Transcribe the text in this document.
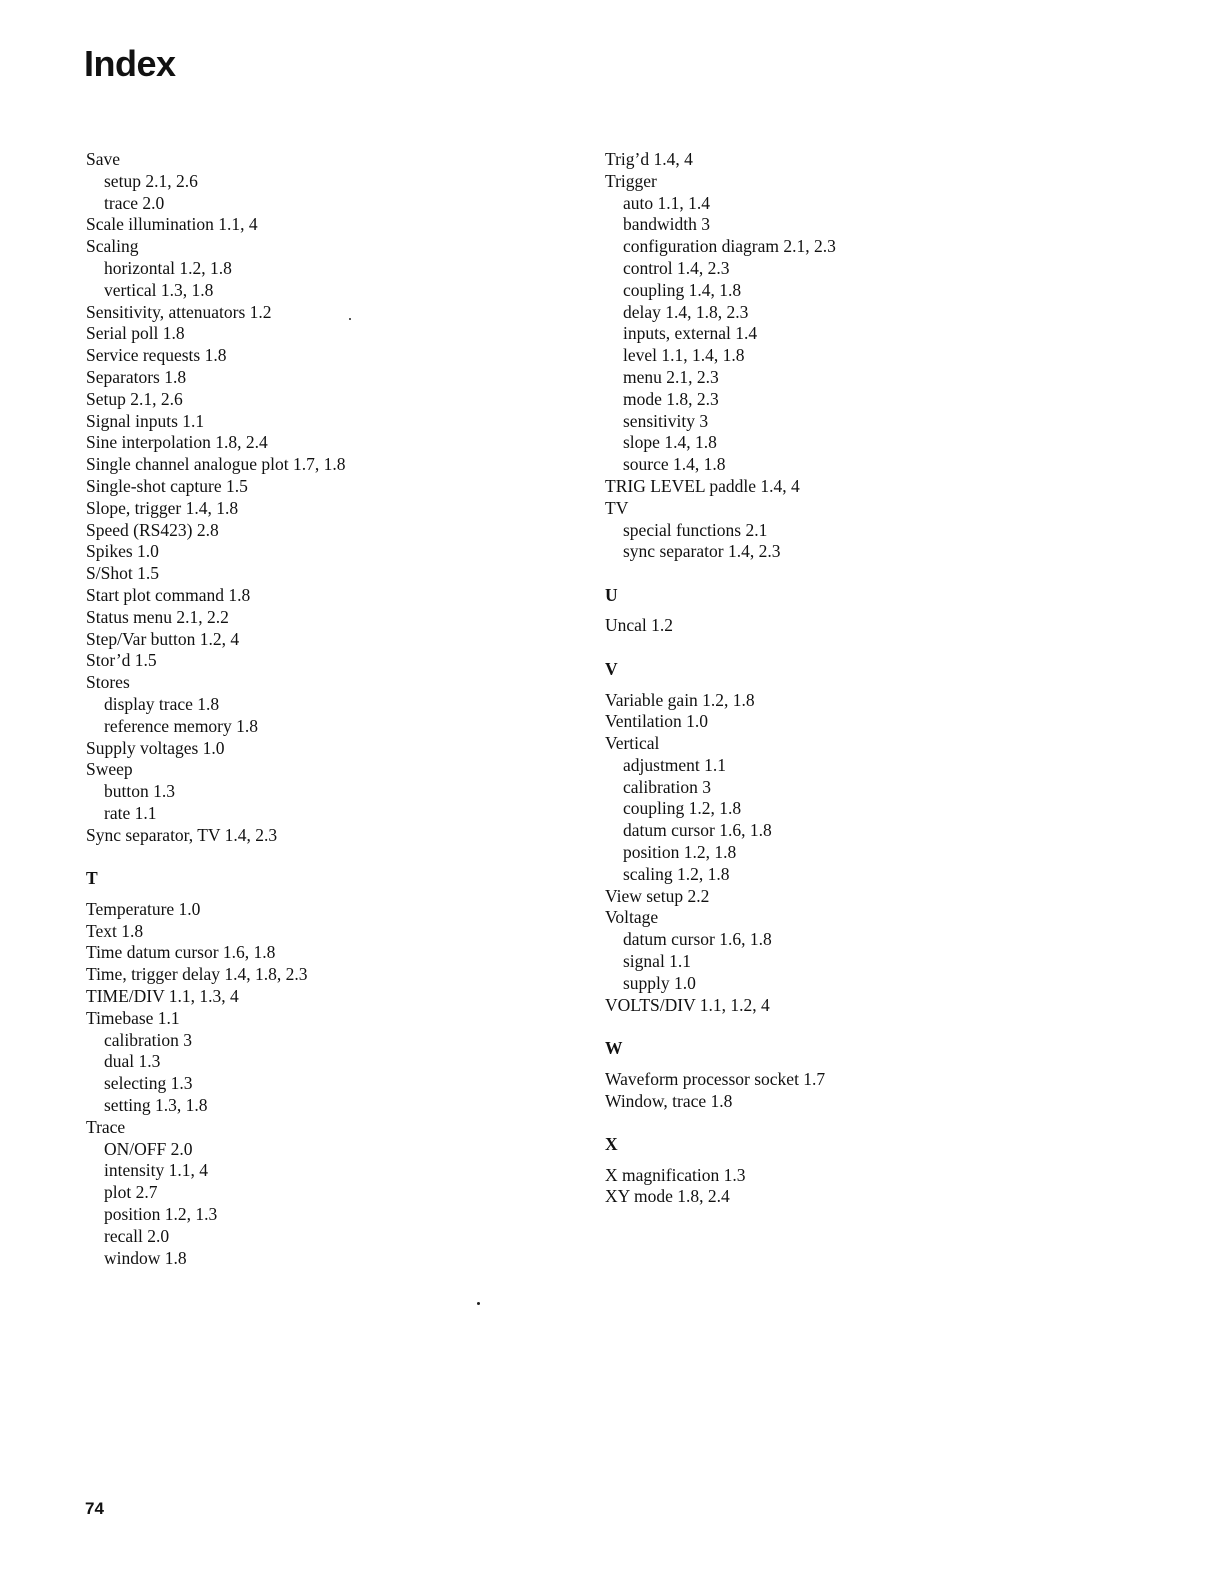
Index
Save
setup 2.1, 2.6
trace 2.0
Scale illumination 1.1, 4
Scaling
horizontal 1.2, 1.8
vertical 1.3, 1.8
Sensitivity, attenuators 1.2
Serial poll 1.8
Service requests 1.8
Separators 1.8
Setup 2.1, 2.6
Signal inputs 1.1
Sine interpolation 1.8, 2.4
Single channel analogue plot 1.7, 1.8
Single-shot capture 1.5
Slope, trigger 1.4, 1.8
Speed (RS423) 2.8
Spikes 1.0
S/Shot 1.5
Start plot command 1.8
Status menu 2.1, 2.2
Step/Var button 1.2, 4
Stor’d 1.5
Stores
display trace 1.8
reference memory 1.8
Supply voltages 1.0
Sweep
button 1.3
rate 1.1
Sync separator, TV 1.4, 2.3
T
Temperature 1.0
Text 1.8
Time datum cursor 1.6, 1.8
Time, trigger delay 1.4, 1.8, 2.3
TIME/DIV 1.1, 1.3, 4
Timebase 1.1
calibration 3
dual 1.3
selecting 1.3
setting 1.3, 1.8
Trace
ON/OFF 2.0
intensity 1.1, 4
plot 2.7
position 1.2, 1.3
recall 2.0
window 1.8
Trig’d 1.4, 4
Trigger
auto 1.1, 1.4
bandwidth 3
configuration diagram 2.1, 2.3
control 1.4, 2.3
coupling 1.4, 1.8
delay 1.4, 1.8, 2.3
inputs, external 1.4
level 1.1, 1.4, 1.8
menu 2.1, 2.3
mode 1.8, 2.3
sensitivity 3
slope 1.4, 1.8
source 1.4, 1.8
TRIG LEVEL paddle 1.4, 4
TV
special functions 2.1
sync separator 1.4, 2.3
U
Uncal 1.2
V
Variable gain 1.2, 1.8
Ventilation 1.0
Vertical
adjustment 1.1
calibration 3
coupling 1.2, 1.8
datum cursor 1.6, 1.8
position 1.2, 1.8
scaling 1.2, 1.8
View setup 2.2
Voltage
datum cursor 1.6, 1.8
signal 1.1
supply 1.0
VOLTS/DIV 1.1, 1.2, 4
W
Waveform processor socket 1.7
Window, trace 1.8
X
X magnification 1.3
XY mode 1.8, 2.4
74
